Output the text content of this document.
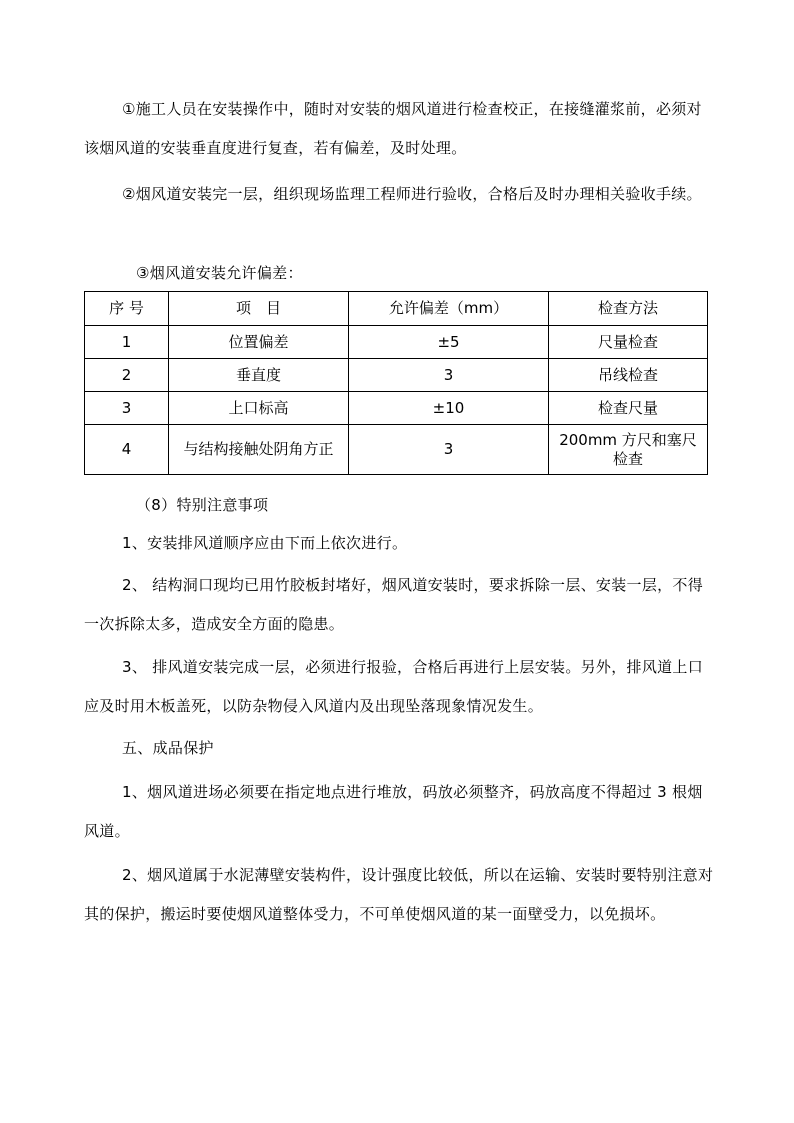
①施工人员在安装操作中，随时对安装的烟风道进行检查校正，在接缝灌浆前，必须对该烟风道的安装垂直度进行复查，若有偏差，及时处理。

②烟风道安装完一层，组织现场监理工程师进行验收，合格后及时办理相关验收手续。

③烟风道安装允许偏差：

序 号	项　目	允许偏差（mm）	检查方法
1	位置偏差	±5	尺量检查
2	垂直度	3	吊线检查
3	上口标高	±10	检查尺量
4	与结构接触处阴角方正	3	200mm 方尺和塞尺检查

（8）特别注意事项

1、安装排风道顺序应由下而上依次进行。

2、 结构洞口现均已用竹胶板封堵好，烟风道安装时，要求拆除一层、安装一层，不得一次拆除太多，造成安全方面的隐患。

3、 排风道安装完成一层，必须进行报验，合格后再进行上层安装。另外，排风道上口应及时用木板盖死，以防杂物侵入风道内及出现坠落现象情况发生。

五、成品保护

1、烟风道进场必须要在指定地点进行堆放，码放必须整齐，码放高度不得超过 3 根烟风道。

2、烟风道属于水泥薄壁安装构件，设计强度比较低，所以在运输、安装时要特别注意对其的保护，搬运时要使烟风道整体受力，不可单使烟风道的某一面壁受力，以免损坏。
